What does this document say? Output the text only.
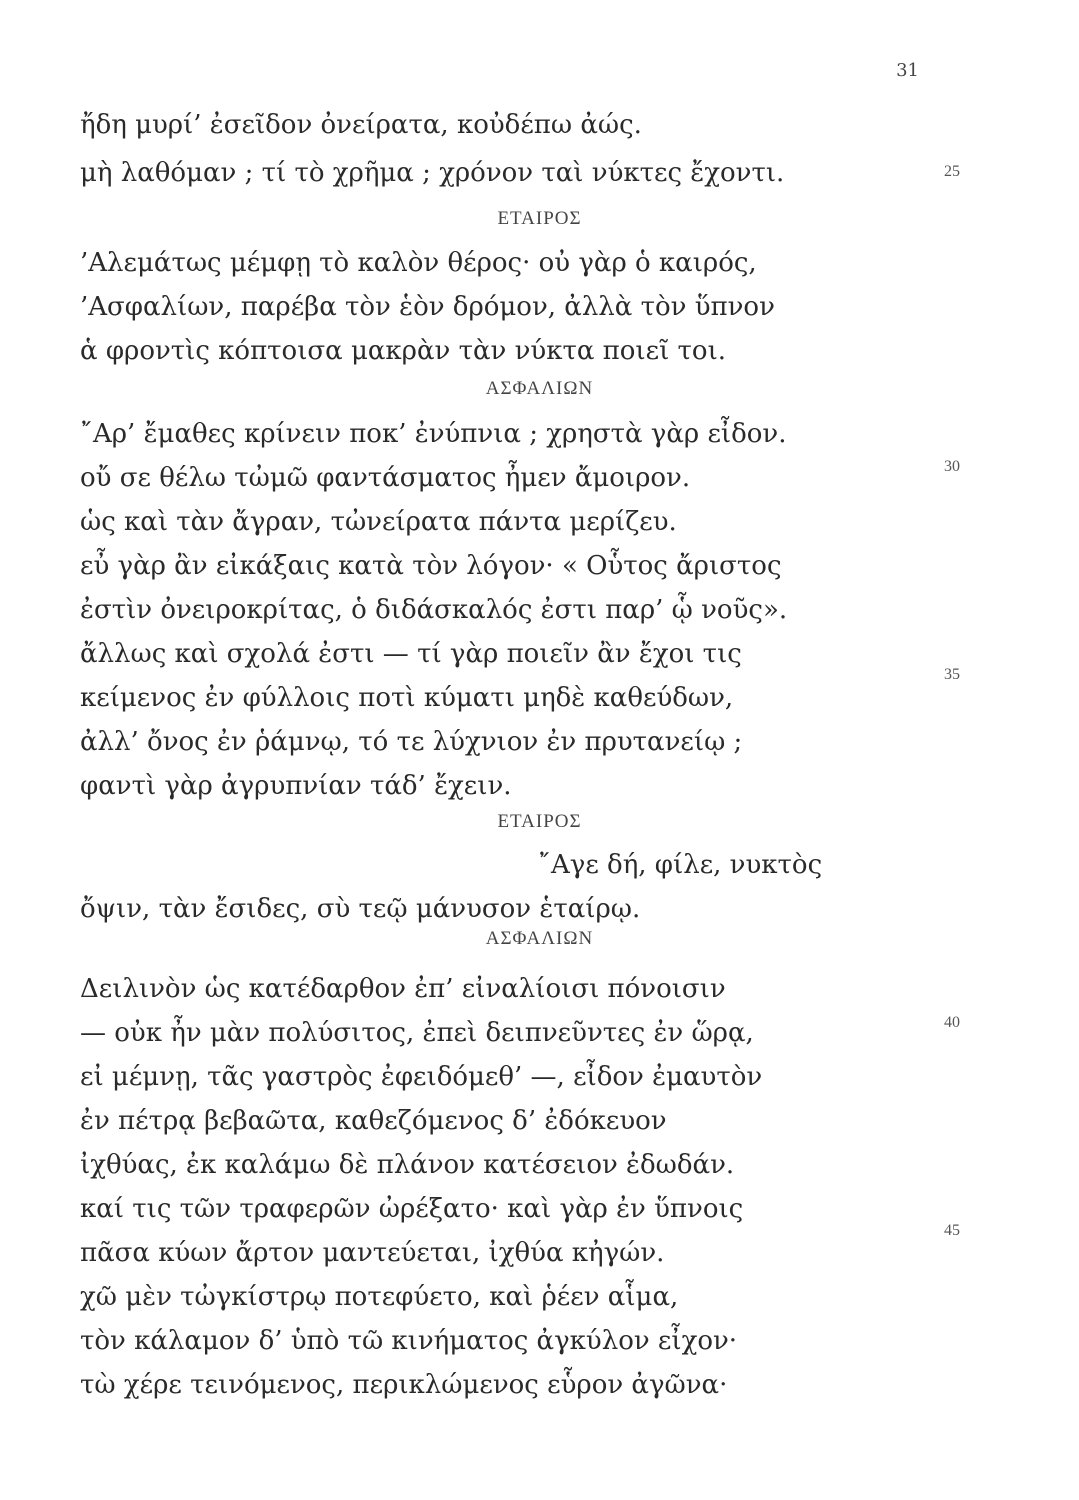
31
ἤδη μυρί’ ἐσεῖδον ὀνείρατα, κοὐδέπω ἀώς.
μὴ λαθόμαν ; τί τὸ χρῆμα ; χρόνον ταὶ νύκτες ἔχοντι.
ΕΤΑΙΡΟΣ
’Αλεμάτως μέμφῃ τὸ καλὸν θέρος· οὐ γὰρ ὁ καιρός,
’Ασφαλίων, παρέβα τὸν ἑὸν δρόμον, ἀλλὰ τὸν ὕπνον
ἁ φροντὶς κόπτοισα μακρὰν τὰν νύκτα ποιεῖ τοι.
ΑΣΦΑΛΙΩΝ
῎Αρ’ ἔμαθες κρίνειν ποκ’ ἐνύπνια ; χρηστὰ γὰρ εἶδον.
οὔ σε θέλω τὠμῶ φαντάσματος ἦμεν ἄμοιρον.
ὡς καὶ τὰν ἄγραν, τὠνείρατα πάντα μερίζευ.
εὖ γὰρ ἂν εἰκάξαις κατὰ τὸν λόγον· « Οὗτος ἄριστος
ἐστὶν ὀνειροκρίτας, ὁ διδάσκαλός ἐστι παρ’ ᾧ νοῦς».
ἄλλως καὶ σχολά ἐστι — τί γὰρ ποιεῖν ἂν ἔχοι τις
κείμενος ἐν φύλλοις ποτὶ κύματι μηδὲ καθεύδων,
ἀλλ’ ὄνος ἐν ῥάμνῳ, τό τε λύχνιον ἐν πρυτανείῳ ;
φαντὶ γὰρ ἀγρυπνίαν τάδ’ ἔχειν.
ΕΤΑΙΡΟΣ
῎Αγε δή, φίλε, νυκτὸς
ὄψιν, τὰν ἔσιδες, σὺ τεῷ μάνυσον ἑταίρῳ.
ΑΣΦΑΛΙΩΝ
Δειλινὸν ὡς κατέδαρθον ἐπ’ εἰναλίοισι πόνοισιν
— οὐκ ἦν μὰν πολύσιτος, ἐπεὶ δειπνεῦντες ἐν ὥρᾳ,
εἰ μέμνῃ, τᾶς γαστρὸς ἐφειδόμεθ’ —, εἶδον ἐμαυτὸν
ἐν πέτρᾳ βεβαῶτα, καθεζόμενος δ’ ἐδόκευον
ἰχθύας, ἐκ καλάμω δὲ πλάνον κατέσειον ἐδωδάν.
καί τις τῶν τραφερῶν ὠρέξατο· καὶ γὰρ ἐν ὕπνοις
πᾶσα κύων ἄρτον μαντεύεται, ἰχθύα κἠγών.
χῶ μὲν τὠγκίστρῳ ποτεφύετο, καὶ ῥέεν αἷμα,
τὸν κάλαμον δ’ ὑπὸ τῶ κινήματος ἀγκύλον εἶχον·
τὼ χέρε τεινόμενος, περικλώμενος εὗρον ἀγῶνα·
25
30
35
40
45
